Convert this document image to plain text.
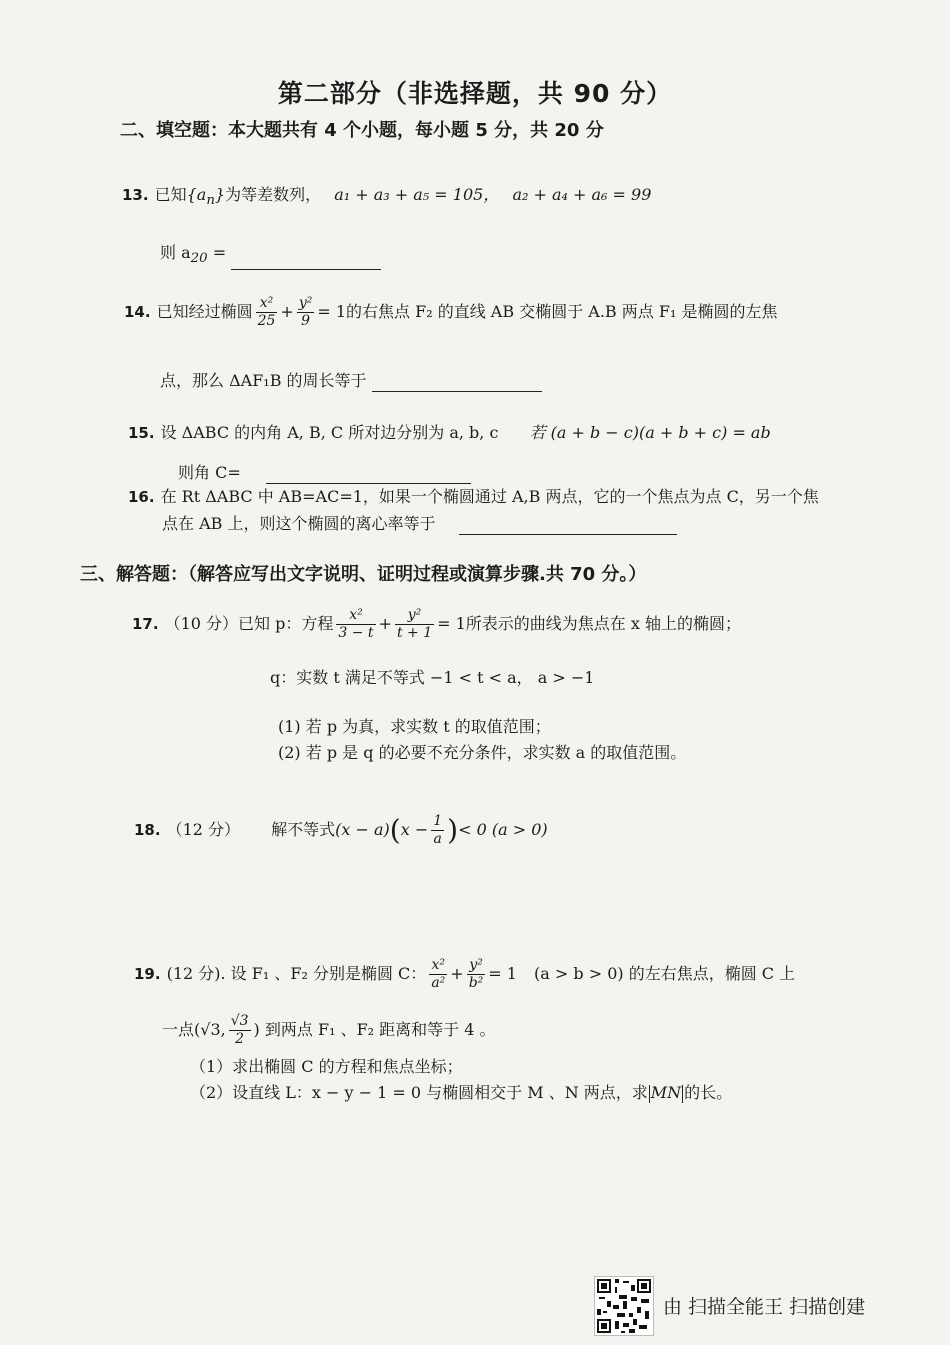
第二部分（非选择题，共 90 分）
二、填空题：本大题共有 4 个小题，每小题 5 分，共 20 分
13. 已知$\{a_n\}$为等差数列， a₁ + a₃ + a₅ = 105， a₂ + a₄ + a₆ = 99
则 $a_{20}$ =
14. 已知经过椭圆 $\frac{\text{x²}}{25} + \frac{\text{y²}}{9} = 1$的右焦点 F₂ 的直线 AB 交椭圆于 A.B 两点 F₁ 是椭圆的左焦
点，那么 ΔAF₁B 的周长等于
15. 设 ΔABC 的内角 A, B, C 所对边分别为 a, b, c 若 (a + b − c)(a + b + c) = ab
则角 C=
16. 在 Rt ΔABC 中 AB=AC=1，如果一个椭圆通过 A,B 两点，它的一个焦点为点 C，另一个焦
点在 AB 上，则这个椭圆的离心率等于
三、解答题：（解答应写出文字说明、证明过程或演算步骤.共 70 分。）
17. （10 分）已知 p：方程 $\frac{\text{x²}}{3 - t} + \frac{\text{y²}}{t + 1} = 1$所表示的曲线为焦点在 x 轴上的椭圆；
q：实数 t 满足不等式 −1 < t < a， a > −1
(1) 若 p 为真，求实数 t 的取值范围；
(2) 若 p 是 q 的必要不充分条件，求实数 a 的取值范围。
18. （12 分） 解不等式$(x - a)(x - \frac{1}{a}$ )< 0 (a > 0)
19. (12 分). 设 F₁ 、F₂ 分别是椭圆 C： $\frac{\text{x²}}{\text{a²}} + \frac{\text{y²}}{\text{b²}} = 1$ (a > b > 0) 的左右焦点，椭圆 C 上
一点(√3, $\frac{√3}{2}$ ) 到两点 F₁ 、F₂ 距离和等于 4 。
（1）求出椭圆 C 的方程和焦点坐标；
（2）设直线 L：x − y − 1 = 0 与椭圆相交于 M 、N 两点，求 MN 的长。
由 扫描全能王 扫描创建
